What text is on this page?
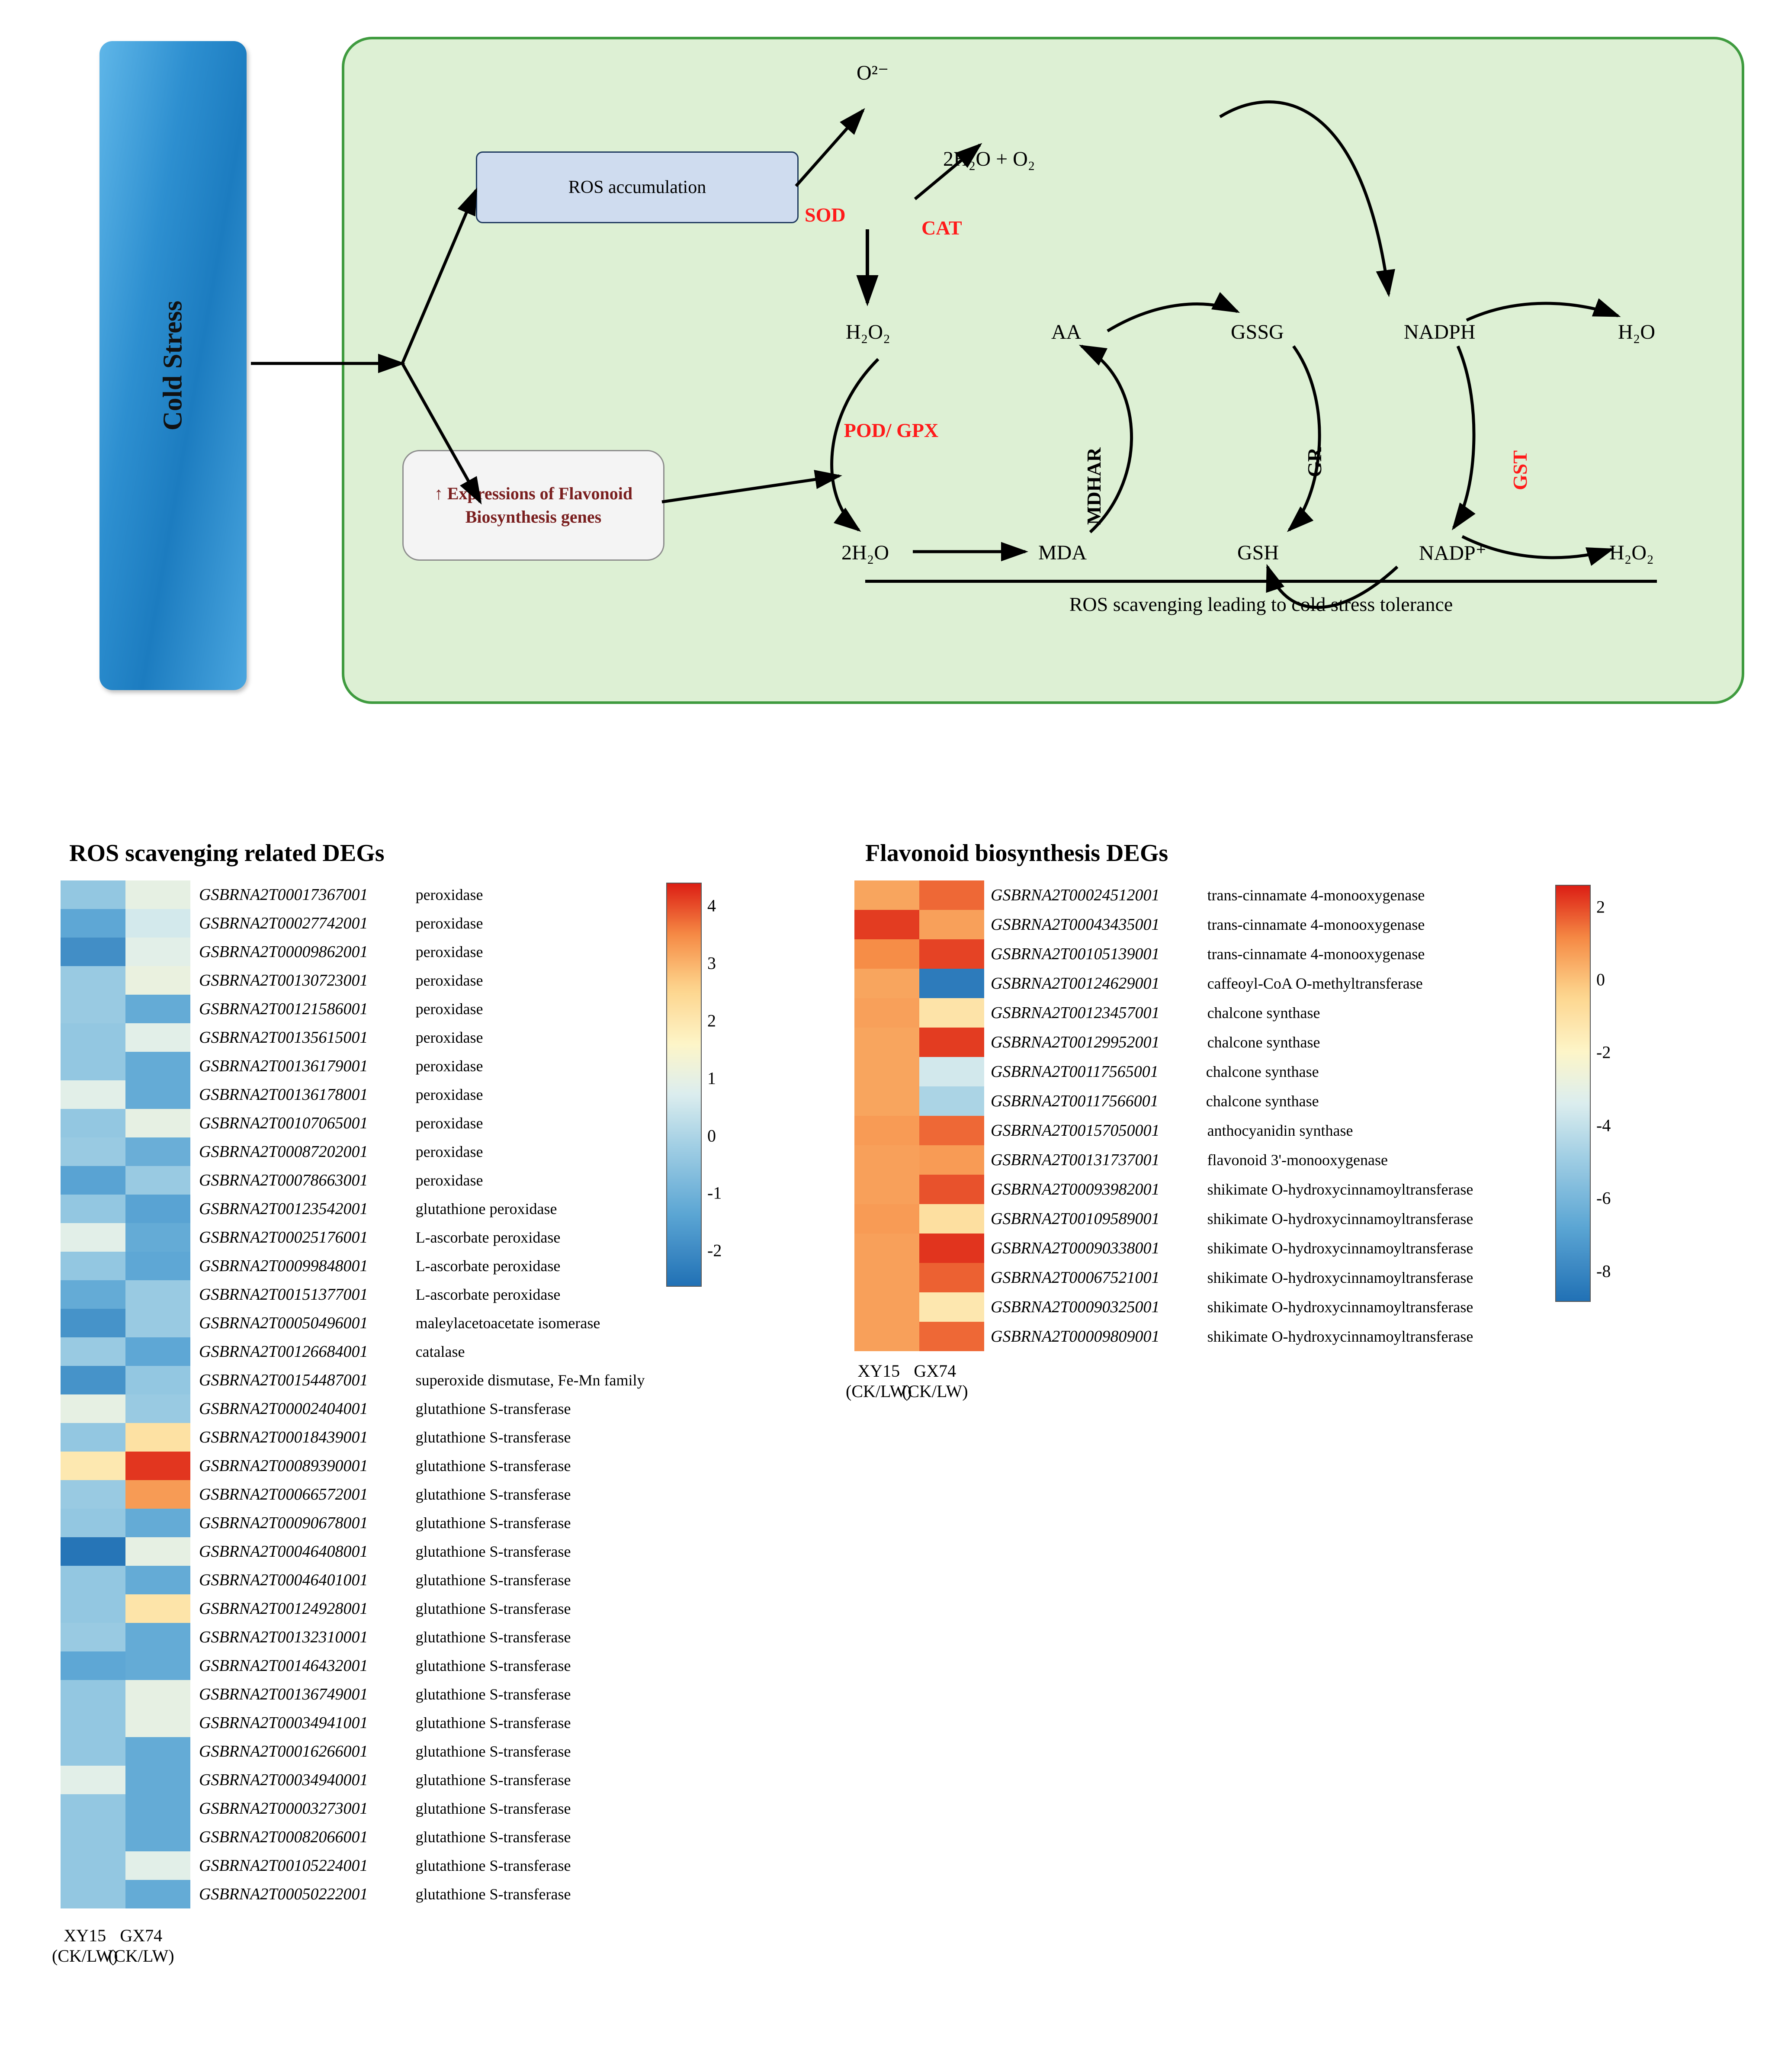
Cold Stress
ROS accumulation
↑ Expressions of Flavonoid
Biosynthesis genes
O²⁻
2H₂O + O₂
H₂O₂
2H₂O
AA
MDA
GSSG
GSH
NADPH
NADP⁺
H₂O
H₂O₂
SOD
CAT
POD/ GPX
MDHAR	GR	GST
ROS scavenging leading to cold stress tolerance
ROS scavenging related DEGs
GSBRNA2T00017367001	peroxidase
GSBRNA2T00027742001	peroxidase
GSBRNA2T00009862001	peroxidase
GSBRNA2T00130723001	peroxidase
GSBRNA2T00121586001	peroxidase
GSBRNA2T00135615001	peroxidase
GSBRNA2T00136179001	peroxidase
GSBRNA2T00136178001	peroxidase
GSBRNA2T00107065001	peroxidase
GSBRNA2T00087202001	peroxidase
GSBRNA2T00078663001	peroxidase
GSBRNA2T00123542001	glutathione peroxidase
GSBRNA2T00025176001	L-ascorbate peroxidase
GSBRNA2T00099848001	L-ascorbate peroxidase
GSBRNA2T00151377001	L-ascorbate peroxidase
GSBRNA2T00050496001	maleylacetoacetate isomerase
GSBRNA2T00126684001	catalase
GSBRNA2T00154487001	superoxide dismutase, Fe-Mn family
GSBRNA2T00002404001	glutathione S-transferase
GSBRNA2T00018439001	glutathione S-transferase
GSBRNA2T00089390001	glutathione S-transferase
GSBRNA2T00066572001	glutathione S-transferase
GSBRNA2T00090678001	glutathione S-transferase
GSBRNA2T00046408001	glutathione S-transferase
GSBRNA2T00046401001	glutathione S-transferase
GSBRNA2T00124928001	glutathione S-transferase
GSBRNA2T00132310001	glutathione S-transferase
GSBRNA2T00146432001	glutathione S-transferase
GSBRNA2T00136749001	glutathione S-transferase
GSBRNA2T00034941001	glutathione S-transferase
GSBRNA2T00016266001	glutathione S-transferase
GSBRNA2T00034940001	glutathione S-transferase
GSBRNA2T00003273001	glutathione S-transferase
GSBRNA2T00082066001	glutathione S-transferase
GSBRNA2T00105224001	glutathione S-transferase
GSBRNA2T00050222001	glutathione S-transferase
4
3
2
1
0
-1
-2
XY15
(CK/LW)
GX74
(CK/LW)
Flavonoid biosynthesis DEGs
GSBRNA2T00024512001	trans-cinnamate 4-monooxygenase
GSBRNA2T00043435001	trans-cinnamate 4-monooxygenase
GSBRNA2T00105139001	trans-cinnamate 4-monooxygenase
GSBRNA2T00124629001	caffeoyl-CoA O-methyltransferase
GSBRNA2T00123457001	chalcone synthase
GSBRNA2T00129952001	chalcone synthase
GSBRNA2T00117565001	chalcone synthase
GSBRNA2T00117566001	chalcone synthase
GSBRNA2T00157050001	anthocyanidin synthase
GSBRNA2T00131737001	flavonoid 3'-monooxygenase
GSBRNA2T00093982001	shikimate O-hydroxycinnamoyltransferase
GSBRNA2T00109589001	shikimate O-hydroxycinnamoyltransferase
GSBRNA2T00090338001	shikimate O-hydroxycinnamoyltransferase
GSBRNA2T00067521001	shikimate O-hydroxycinnamoyltransferase
GSBRNA2T00090325001	shikimate O-hydroxycinnamoyltransferase
GSBRNA2T00009809001	shikimate O-hydroxycinnamoyltransferase
2
0
-2
-4
-6
-8
XY15
(CK/LW)
GX74
(CK/LW)
